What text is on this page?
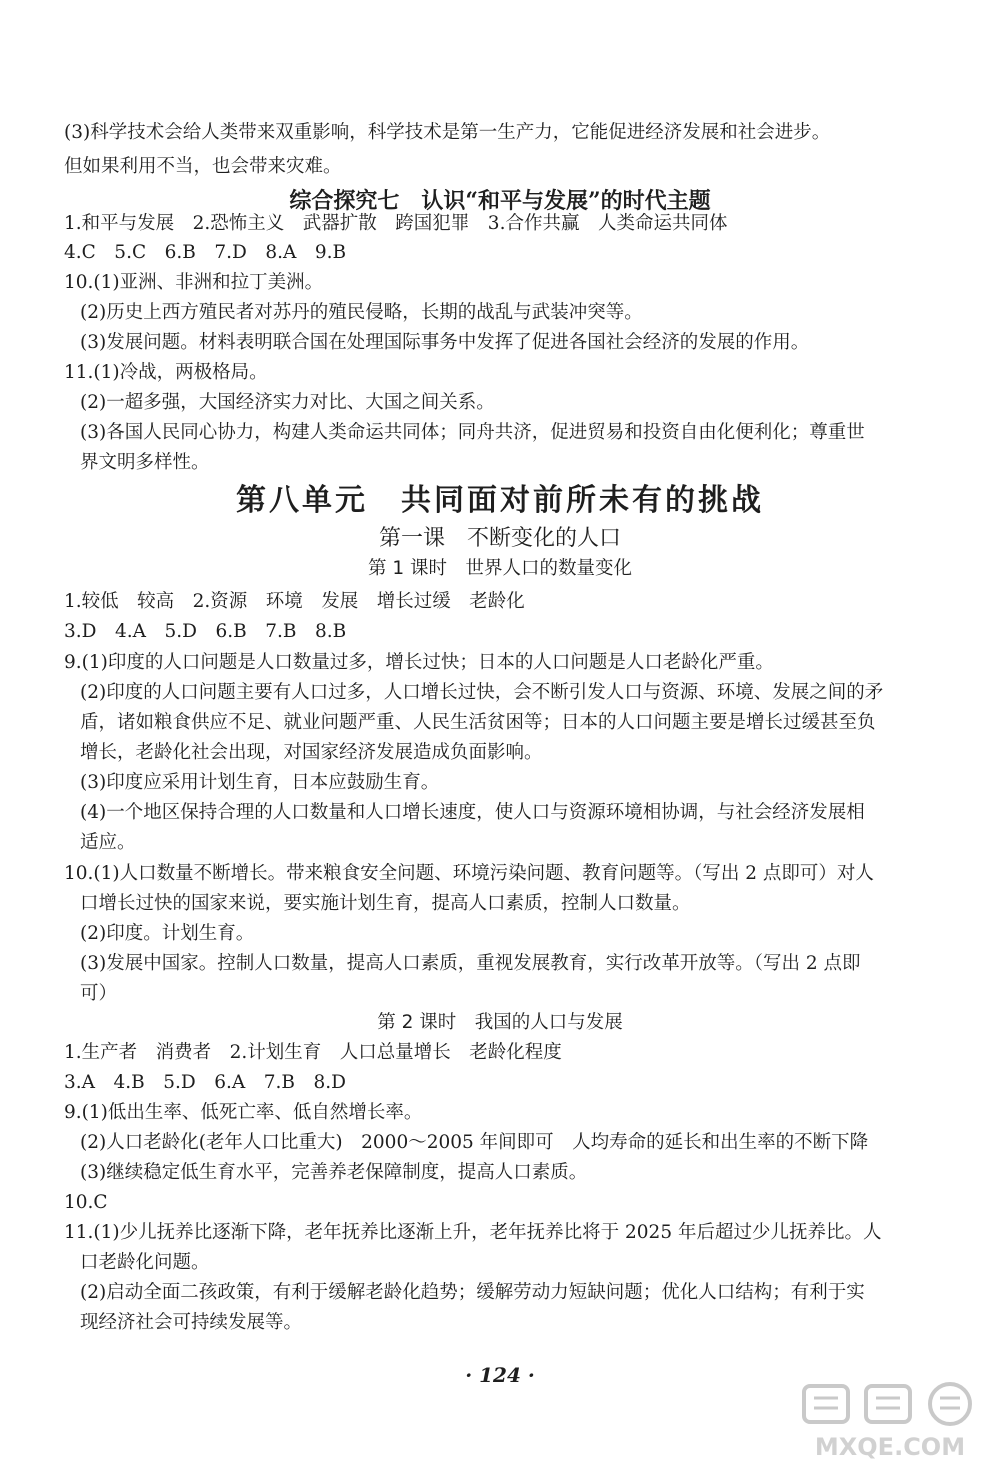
(3)科学技术会给人类带来双重影响，科学技术是第一生产力，它能促进经济发展和社会进步。
但如果利用不当，也会带来灾难。
综合探究七　认识“和平与发展”的时代主题
1.和平与发展　2.恐怖主义　武器扩散　跨国犯罪　3.合作共赢　人类命运共同体
4.C　5.C　6.B　7.D　8.A　9.B
10.(1)亚洲、非洲和拉丁美洲。
(2)历史上西方殖民者对苏丹的殖民侵略，长期的战乱与武装冲突等。
(3)发展问题。材料表明联合国在处理国际事务中发挥了促进各国社会经济的发展的作用。
11.(1)冷战，两极格局。
(2)一超多强，大国经济实力对比、大国之间关系。
(3)各国人民同心协力，构建人类命运共同体；同舟共济，促进贸易和投资自由化便利化；尊重世
界文明多样性。
第八单元　共同面对前所未有的挑战
第一课　不断变化的人口
第 1 课时　世界人口的数量变化
1.较低　较高　2.资源　环境　发展　增长过缓　老龄化
3.D　4.A　5.D　6.B　7.B　8.B
9.(1)印度的人口问题是人口数量过多，增长过快；日本的人口问题是人口老龄化严重。
(2)印度的人口问题主要有人口过多，人口增长过快，会不断引发人口与资源、环境、发展之间的矛
盾，诸如粮食供应不足、就业问题严重、人民生活贫困等；日本的人口问题主要是增长过缓甚至负
增长，老龄化社会出现，对国家经济发展造成负面影响。
(3)印度应采用计划生育，日本应鼓励生育。
(4)一个地区保持合理的人口数量和人口增长速度，使人口与资源环境相协调，与社会经济发展相
适应。
10.(1)人口数量不断增长。带来粮食安全问题、环境污染问题、教育问题等。（写出 2 点即可）对人
口增长过快的国家来说，要实施计划生育，提高人口素质，控制人口数量。
(2)印度。计划生育。
(3)发展中国家。控制人口数量，提高人口素质，重视发展教育，实行改革开放等。（写出 2 点即
可）
第 2 课时　我国的人口与发展
1.生产者　消费者　2.计划生育　人口总量增长　老龄化程度
3.A　4.B　5.D　6.A　7.B　8.D
9.(1)低出生率、低死亡率、低自然增长率。
(2)人口老龄化(老年人口比重大)　2000～2005 年间即可　人均寿命的延长和出生率的不断下降
(3)继续稳定低生育水平，完善养老保障制度，提高人口素质。
10.C
11.(1)少儿抚养比逐渐下降，老年抚养比逐渐上升，老年抚养比将于 2025 年后超过少儿抚养比。人
口老龄化问题。
(2)启动全面二孩政策，有利于缓解老龄化趋势；缓解劳动力短缺问题；优化人口结构；有利于实
现经济社会可持续发展等。
· 124 ·
MXQE.COM
